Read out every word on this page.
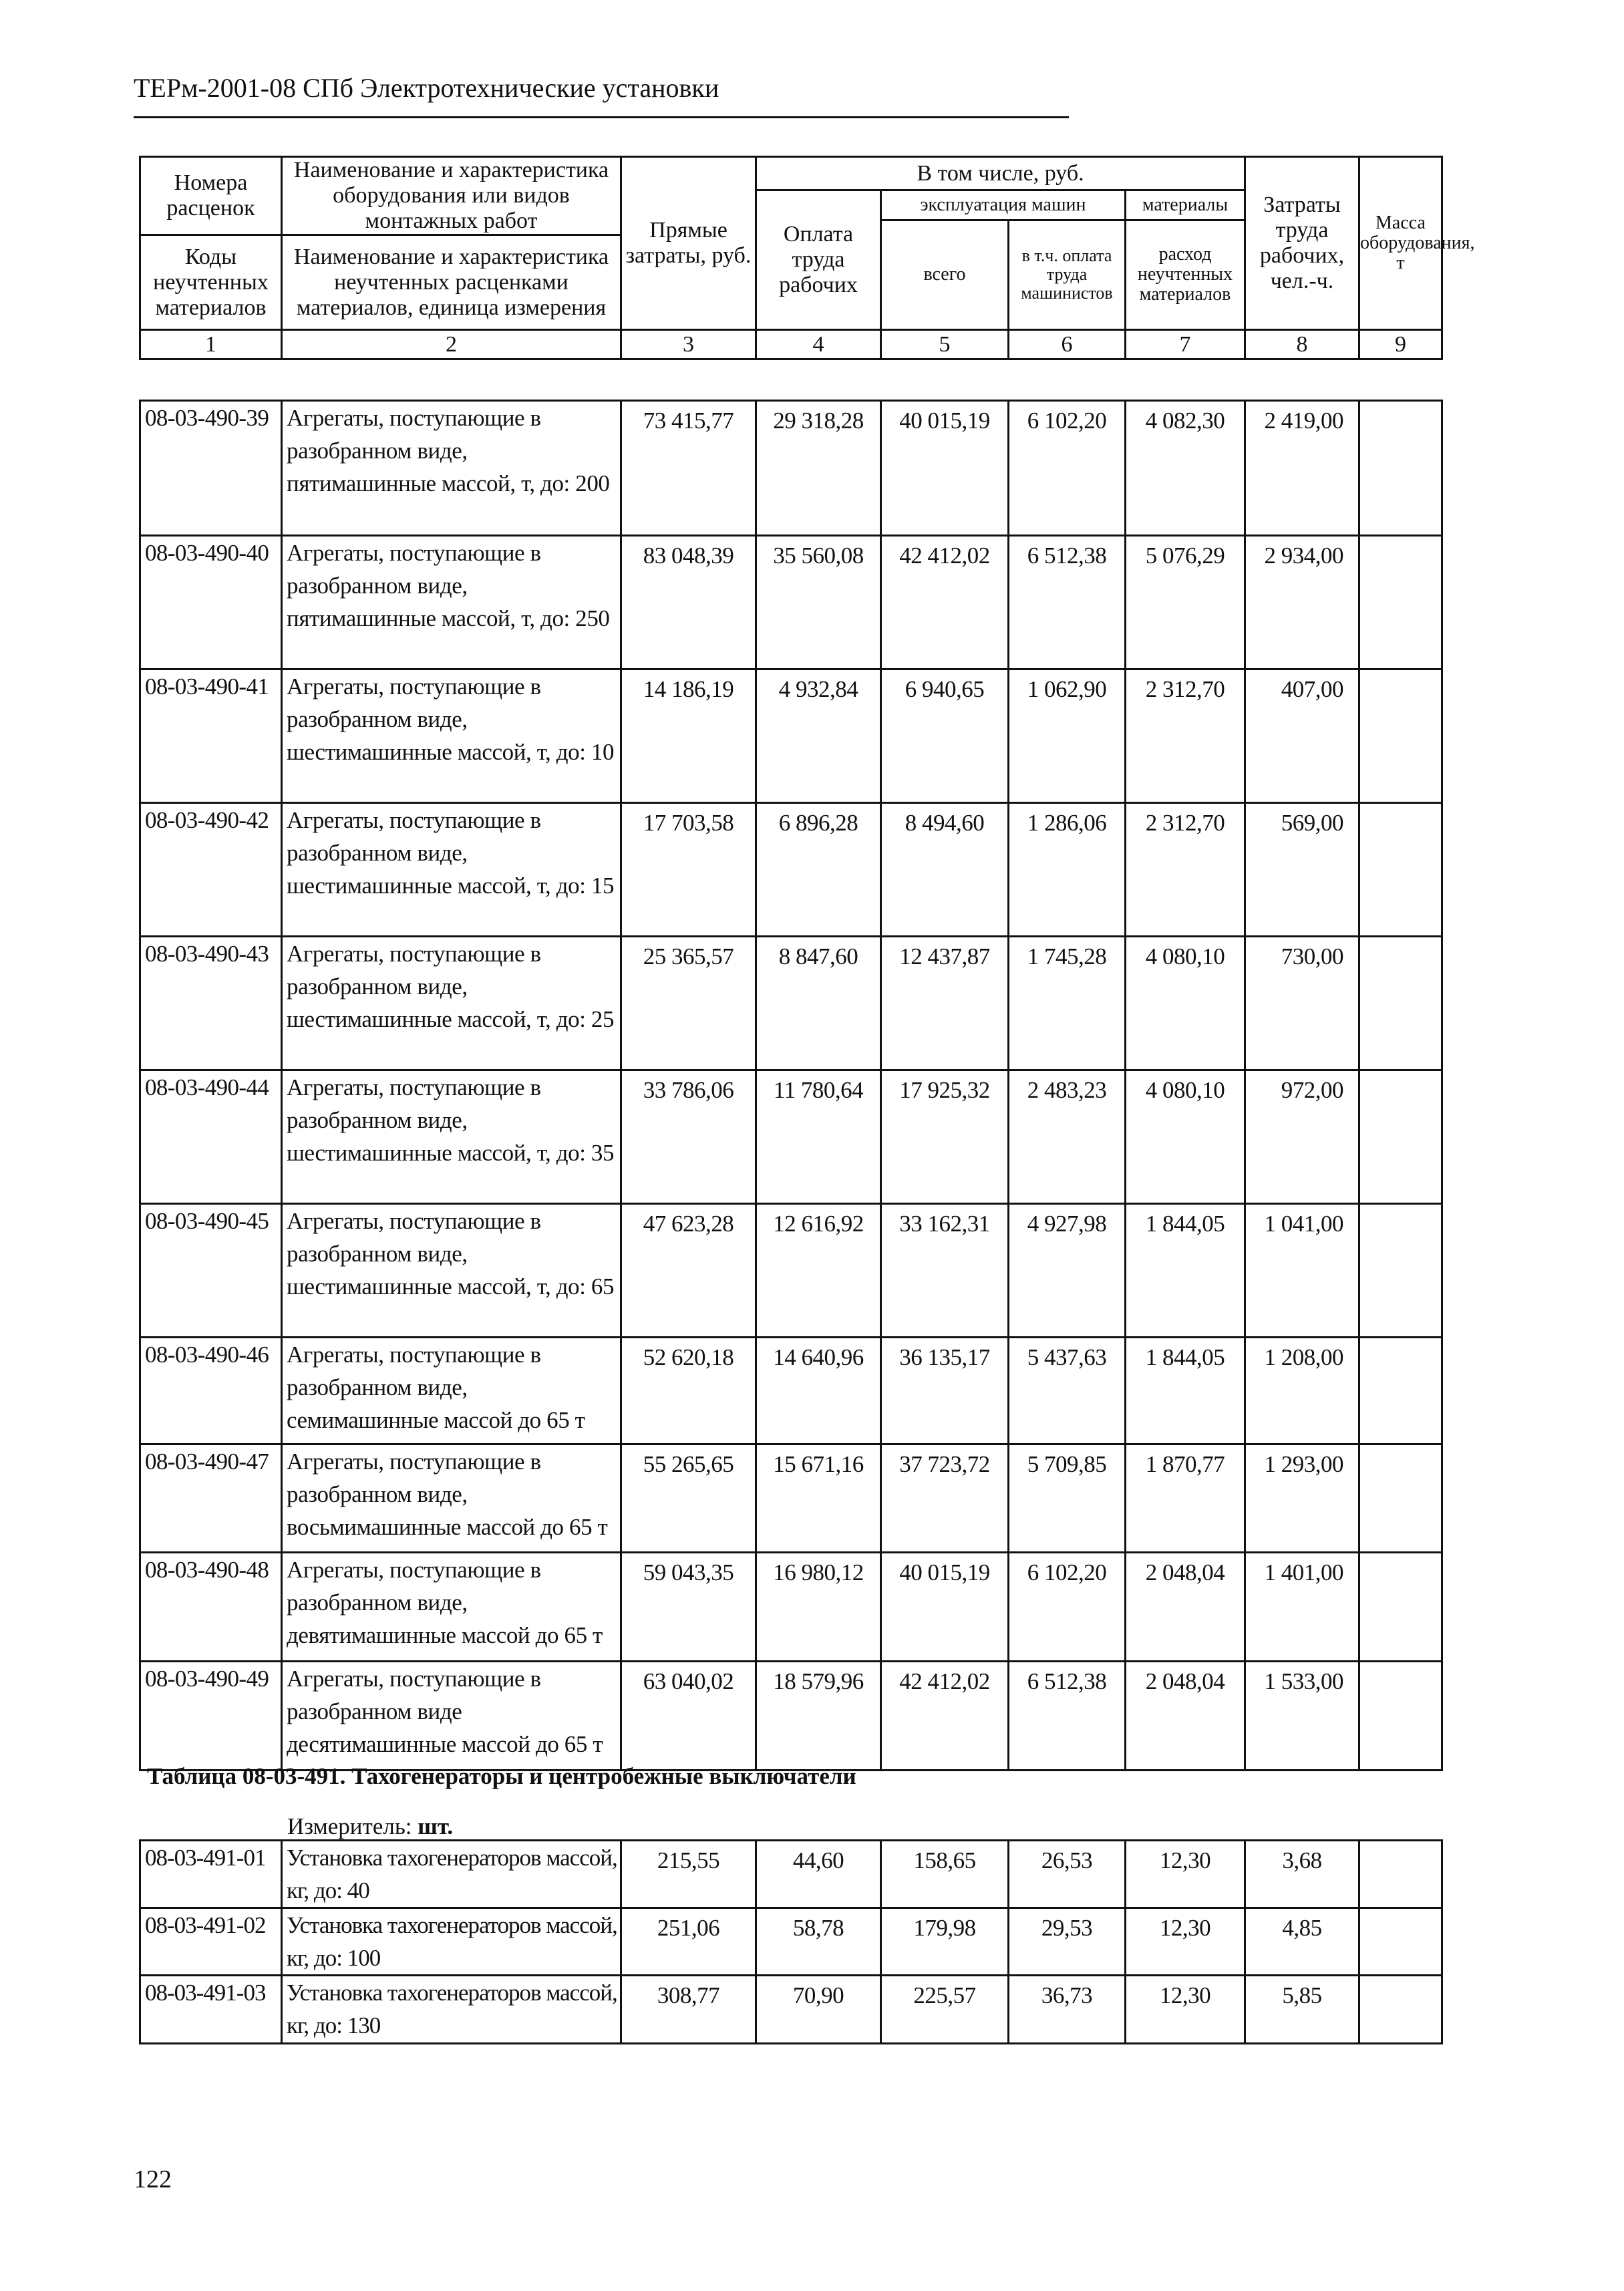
ТЕРм-2001-08 СПб Электротехнические установки
Номера расценок	Наименование и характеристика оборудования или видов монтажных работ	Прямые затраты, руб.	В том числе, руб.				Затраты труда рабочих, чел.-ч.	Масса оборудования, т
			Оплата труда рабочих	эксплуатация машин		материалы		
				всего	в т.ч. оплата труда машинистов	расход неучтенных материалов		
Коды неучтенных материалов	Наименование и характеристика неучтенных расценками материалов, единица измерения							

1	2	3	4	5	6	7	8	9
08-03-490-39	Агрегаты, поступающие в разобранном виде, пятимашинные массой, т, до: 200	73 415,77	29 318,28	40 015,19	6 102,20	4 082,30	2 419,00	
08-03-490-40	Агрегаты, поступающие в разобранном виде, пятимашинные массой, т, до: 250	83 048,39	35 560,08	42 412,02	6 512,38	5 076,29	2 934,00	
08-03-490-41	Агрегаты, поступающие в разобранном виде, шестимашинные массой, т, до: 10	14 186,19	4 932,84	6 940,65	1 062,90	2 312,70	407,00	
08-03-490-42	Агрегаты, поступающие в разобранном виде, шестимашинные массой, т, до: 15	17 703,58	6 896,28	8 494,60	1 286,06	2 312,70	569,00	
08-03-490-43	Агрегаты, поступающие в разобранном виде, шестимашинные массой, т, до: 25	25 365,57	8 847,60	12 437,87	1 745,28	4 080,10	730,00	
08-03-490-44	Агрегаты, поступающие в разобранном виде, шестимашинные массой, т, до: 35	33 786,06	11 780,64	17 925,32	2 483,23	4 080,10	972,00	
08-03-490-45	Агрегаты, поступающие в разобранном виде, шестимашинные массой, т, до: 65	47 623,28	12 616,92	33 162,31	4 927,98	1 844,05	1 041,00	
08-03-490-46	Агрегаты, поступающие в разобранном виде, семимашинные массой до 65 т	52 620,18	14 640,96	36 135,17	5 437,63	1 844,05	1 208,00	
08-03-490-47	Агрегаты, поступающие в разобранном виде, восьмимашинные массой до 65 т	55 265,65	15 671,16	37 723,72	5 709,85	1 870,77	1 293,00	
08-03-490-48	Агрегаты, поступающие в разобранном виде, девятимашинные массой до 65 т	59 043,35	16 980,12	40 015,19	6 102,20	2 048,04	1 401,00	
08-03-490-49	Агрегаты, поступающие в разобранном виде десятимашинные массой до 65 т	63 040,02	18 579,96	42 412,02	6 512,38	2 048,04	1 533,00	
Таблица 08-03-491. Тахогенераторы и центробежные выключатели
Измеритель: шт.
08-03-491-01	Установка тахогенераторов массой, кг, до: 40	215,55	44,60	158,65	26,53	12,30	3,68	
08-03-491-02	Установка тахогенераторов массой, кг, до: 100	251,06	58,78	179,98	29,53	12,30	4,85	
08-03-491-03	Установка тахогенераторов массой, кг, до: 130	308,77	70,90	225,57	36,73	12,30	5,85	
122
